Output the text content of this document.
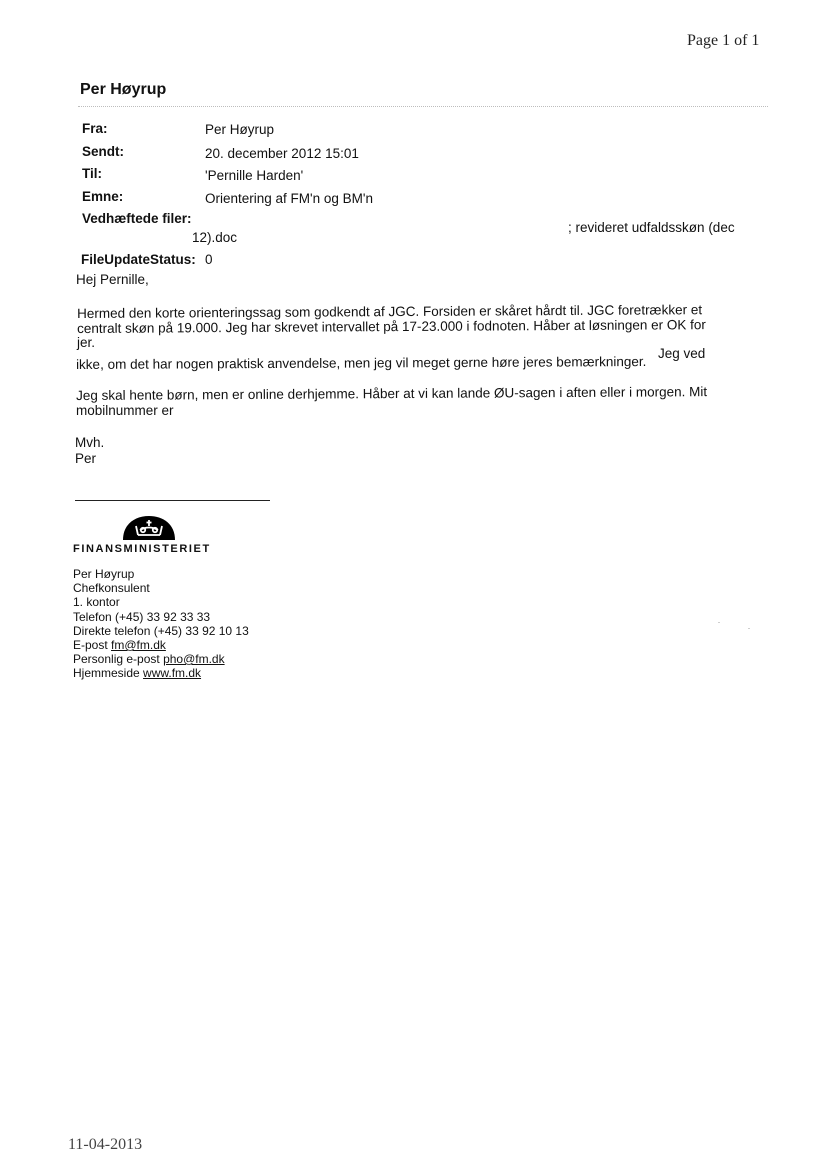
Page 1 of 1
Per Høyrup
Fra:	Per Høyrup
Sendt:	20. december 2012 15:01
Til:	'Pernille Harden'
Emne:	Orientering af FM'n og BM'n
Vedhæftede filer:
; revideret udfaldsskøn (dec
12).doc
FileUpdateStatus: 0
Hej Pernille,
Hermed den korte orienteringssag som godkendt af JGC. Forsiden er skåret hårdt til. JGC foretrækker et
centralt skøn på 19.000. Jeg har skrevet intervallet på 17-23.000 i fodnoten. Håber at løsningen er OK for
jer.
Jeg ved
ikke, om det har nogen praktisk anvendelse, men jeg vil meget gerne høre jeres bemærkninger.
Jeg skal hente børn, men er online derhjemme. Håber at vi kan lande ØU-sagen i aften eller i morgen. Mit
mobilnummer er
Mvh.
Per
FINANSMINISTERIET
Per Høyrup
Chefkonsulent
1. kontor
Telefon (+45) 33 92 33 33
Direkte telefon (+45) 33 92 10 13
E-post fm@fm.dk
Personlig e-post pho@fm.dk
Hjemmeside www.fm.dk
11-04-2013
